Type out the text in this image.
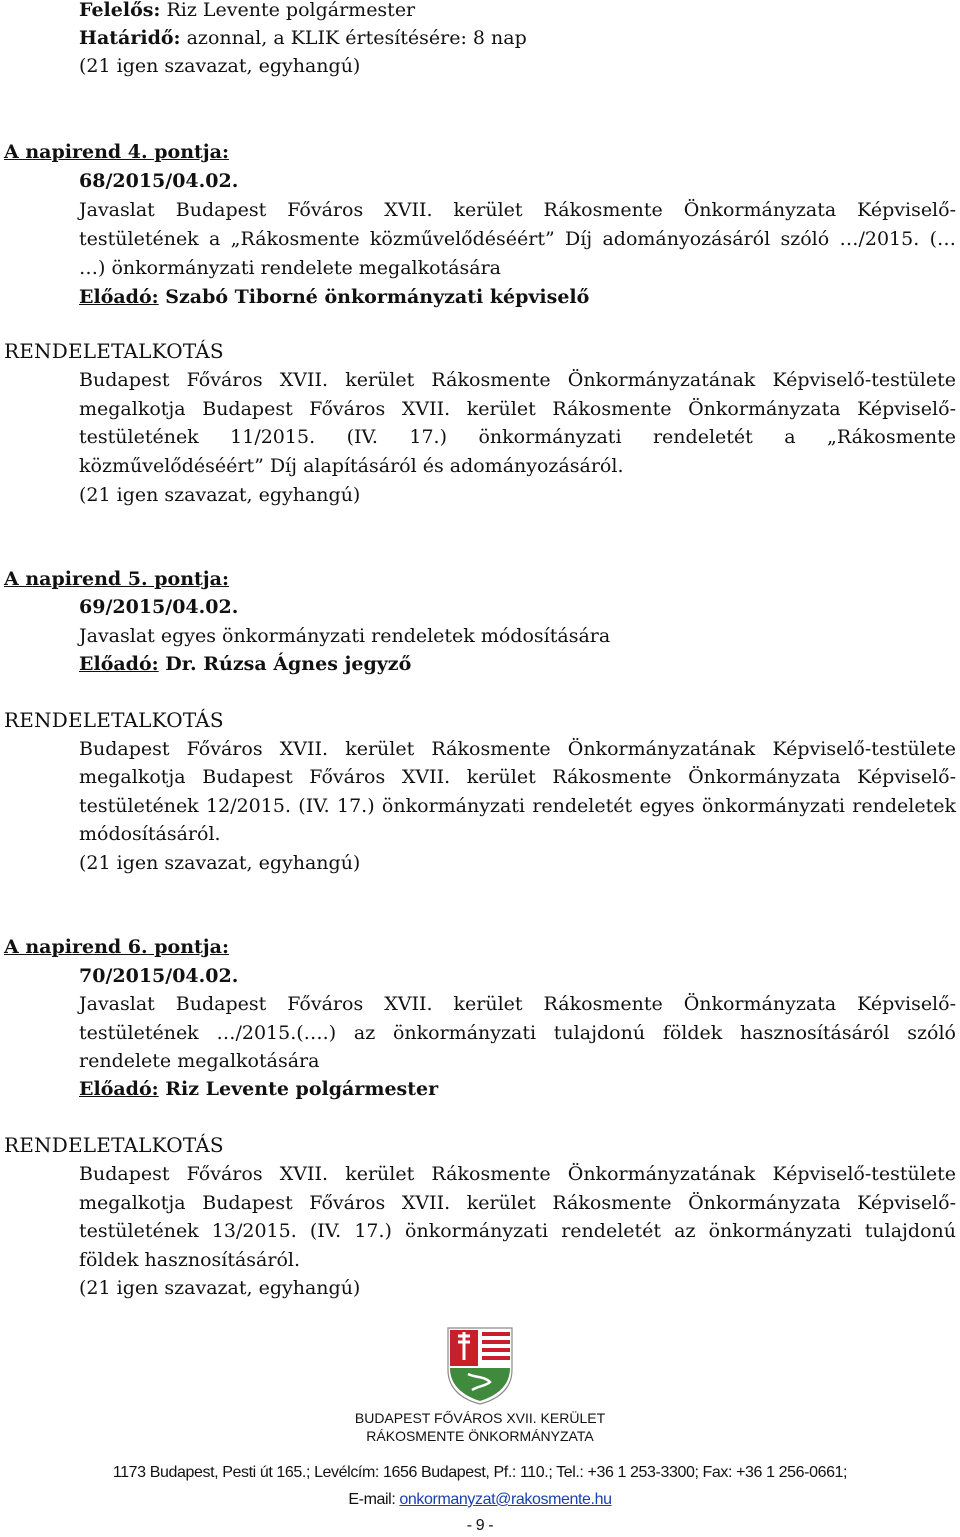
Felelős: Riz Levente polgármester
Határidő: azonnal, a KLIK értesítésére: 8 nap
(21 igen szavazat, egyhangú)
A napirend 4. pontja:
68/2015/04.02.
Javaslat Budapest Főváros XVII. kerület Rákosmente Önkormányzata Képviselő-
testületének a „Rákosmente közművelődéséért” Díj adományozásáról szóló …/2015. (…
…) önkormányzati rendelete megalkotására
Előadó: Szabó Tiborné önkormányzati képviselő
RENDELETALKOTÁS
Budapest Főváros XVII. kerület Rákosmente Önkormányzatának Képviselő-testülete
megalkotja Budapest Főváros XVII. kerület Rákosmente Önkormányzata Képviselő-
testületének 11/2015. (IV. 17.) önkormányzati rendeletét a „Rákosmente
közművelődéséért” Díj alapításáról és adományozásáról.
(21 igen szavazat, egyhangú)
A napirend 5. pontja:
69/2015/04.02.
Javaslat egyes önkormányzati rendeletek módosítására
Előadó: Dr. Rúzsa Ágnes jegyző
RENDELETALKOTÁS
Budapest Főváros XVII. kerület Rákosmente Önkormányzatának Képviselő-testülete
megalkotja Budapest Főváros XVII. kerület Rákosmente Önkormányzata Képviselő-
testületének 12/2015. (IV. 17.) önkormányzati rendeletét egyes önkormányzati rendeletek
módosításáról.
(21 igen szavazat, egyhangú)
A napirend 6. pontja:
70/2015/04.02.
Javaslat Budapest Főváros XVII. kerület Rákosmente Önkormányzata Képviselő-
testületének …/2015.(….) az önkormányzati tulajdonú földek hasznosításáról szóló
rendelete megalkotására
Előadó: Riz Levente polgármester
RENDELETALKOTÁS
Budapest Főváros XVII. kerület Rákosmente Önkormányzatának Képviselő-testülete
megalkotja Budapest Főváros XVII. kerület Rákosmente Önkormányzata Képviselő-
testületének 13/2015. (IV. 17.) önkormányzati rendeletét az önkormányzati tulajdonú
földek hasznosításáról.
(21 igen szavazat, egyhangú)
BUDAPEST FŐVÁROS XVII. KERÜLET
RÁKOSMENTE ÖNKORMÁNYZATA
1173 Budapest, Pesti út 165.; Levélcím: 1656 Budapest, Pf.: 110.; Tel.: +36 1 253-3300; Fax: +36 1 256-0661;
E-mail: onkormanyzat@rakosmente.hu
- 9 -
